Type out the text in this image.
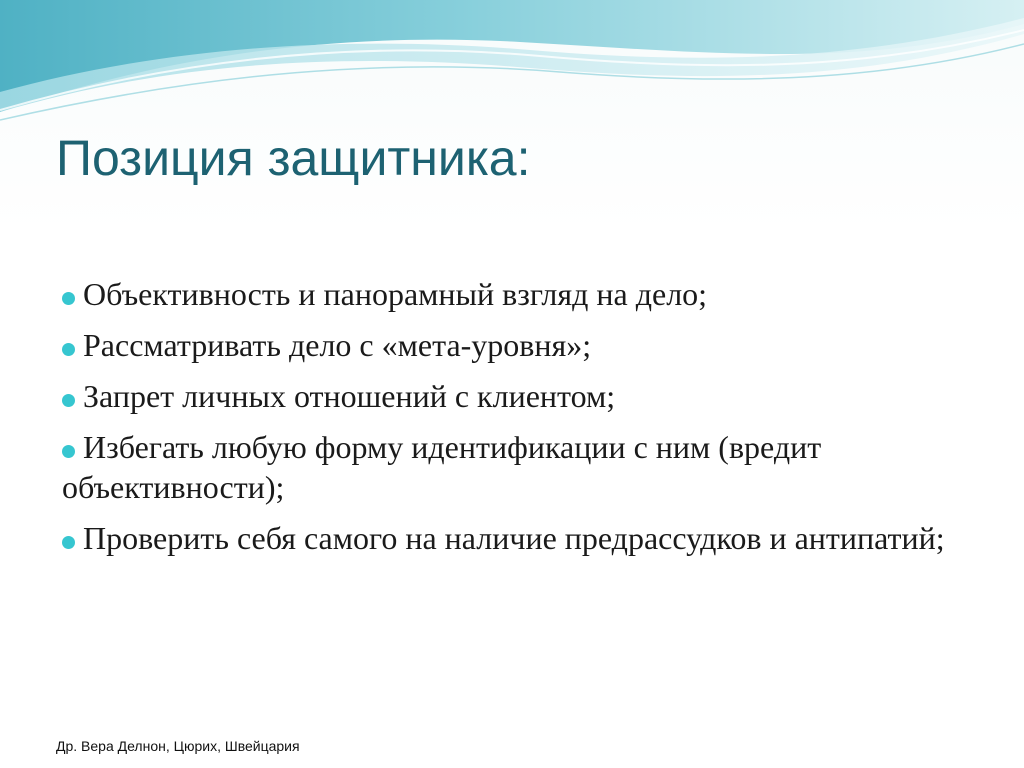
Позиция защитника:
Объективность и панорамный взгляд на дело;
Рассматривать дело с «мета-уровня»;
Запрет личных отношений с клиентом;
Избегать любую форму идентификации с ним (вредит объективности);
Проверить себя самого на наличие предрассудков и антипатий;

Др. Вера Делнон, Цюрих, Швейцария
